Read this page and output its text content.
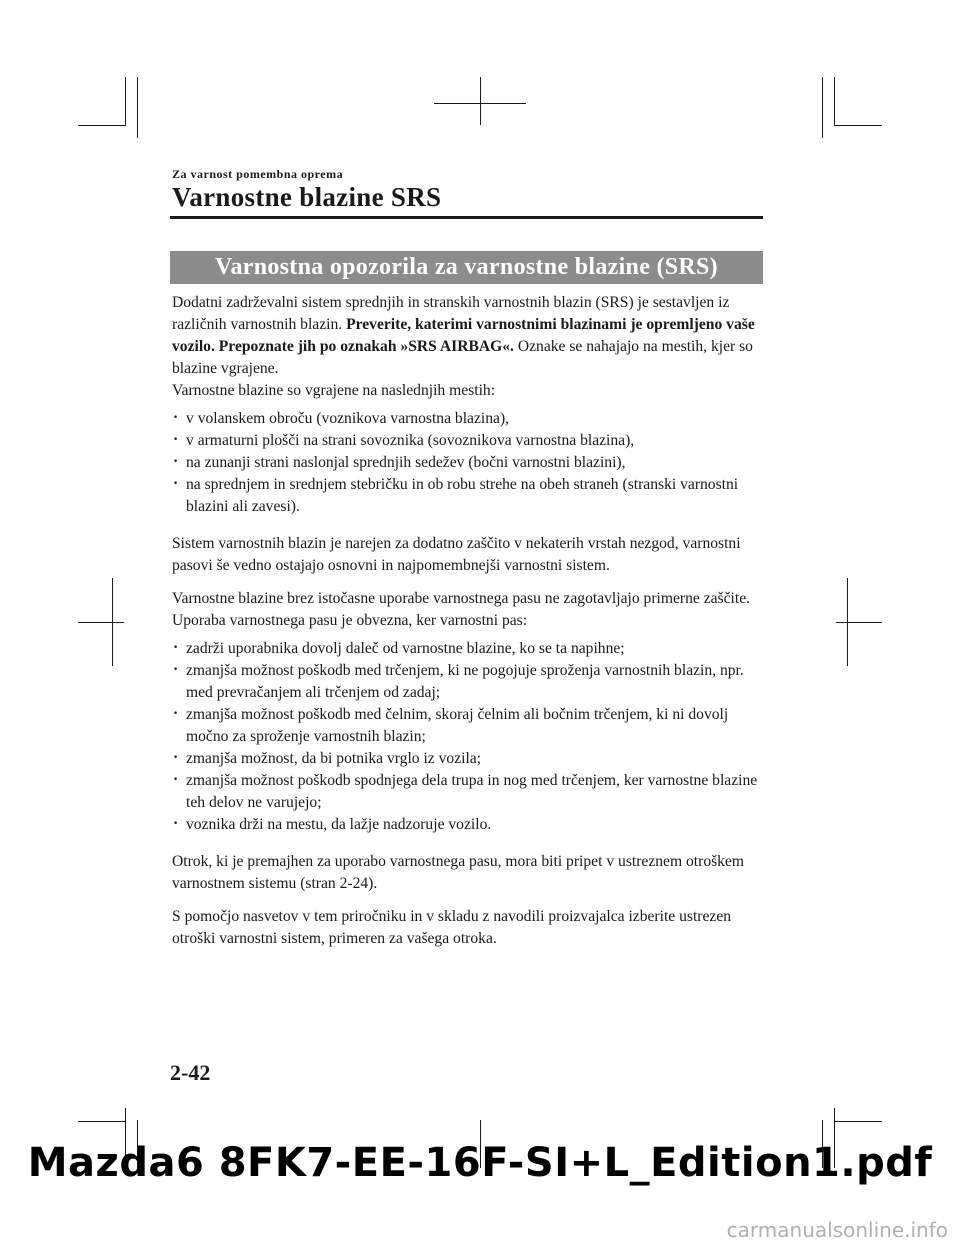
Za varnost pomembna oprema
Varnostne blazine SRS
Varnostna opozorila za varnostne blazine (SRS)

Dodatni zadrževalni sistem sprednjih in stranskih varnostnih blazin (SRS) je sestavljen iz različnih varnostnih blazin. Preverite, katerimi varnostnimi blazinami je opremljeno vaše vozilo. Prepoznate jih po oznakah »SRS AIRBAG«. Oznake se nahajajo na mestih, kjer so blazine vgrajene.

Varnostne blazine so vgrajene na naslednjih mestih:

· v volanskem obroču (voznikova varnostna blazina),
· v armaturni plošči na strani sovoznika (sovoznikova varnostna blazina),
· na zunanji strani naslonjal sprednjih sedežev (bočni varnostni blazini),
· na sprednjem in srednjem stebričku in ob robu strehe na obeh straneh (stranski varnostni blazini ali zavesi).

Sistem varnostnih blazin je narejen za dodatno zaščito v nekaterih vrstah nezgod, varnostni pasovi še vedno ostajajo osnovni in najpomembnejši varnostni sistem.

Varnostne blazine brez istočasne uporabe varnostnega pasu ne zagotavljajo primerne zaščite. Uporaba varnostnega pasu je obvezna, ker varnostni pas:

· zadrži uporabnika dovolj daleč od varnostne blazine, ko se ta napihne;
· zmanjša možnost poškodb med trčenjem, ki ne pogojuje sproženja varnostnih blazin, npr. med prevračanjem ali trčenjem od zadaj;
· zmanjša možnost poškodb med čelnim, skoraj čelnim ali bočnim trčenjem, ki ni dovolj močno za sproženje varnostnih blazin;
· zmanjša možnost, da bi potnika vrglo iz vozila;
· zmanjša možnost poškodb spodnjega dela trupa in nog med trčenjem, ker varnostne blazine teh delov ne varujejo;
· voznika drži na mestu, da lažje nadzoruje vozilo.

Otrok, ki je premajhen za uporabo varnostnega pasu, mora biti pripet v ustreznem otroškem varnostnem sistemu (stran 2-24).

S pomočjo nasvetov v tem priročniku in v skladu z navodili proizvajalca izberite ustrezen otroški varnostni sistem, primeren za vašega otroka.

2-42
Mazda6 8FK7-EE-16F-SI+L_Edition1.pdf
carmanualsonline.info
